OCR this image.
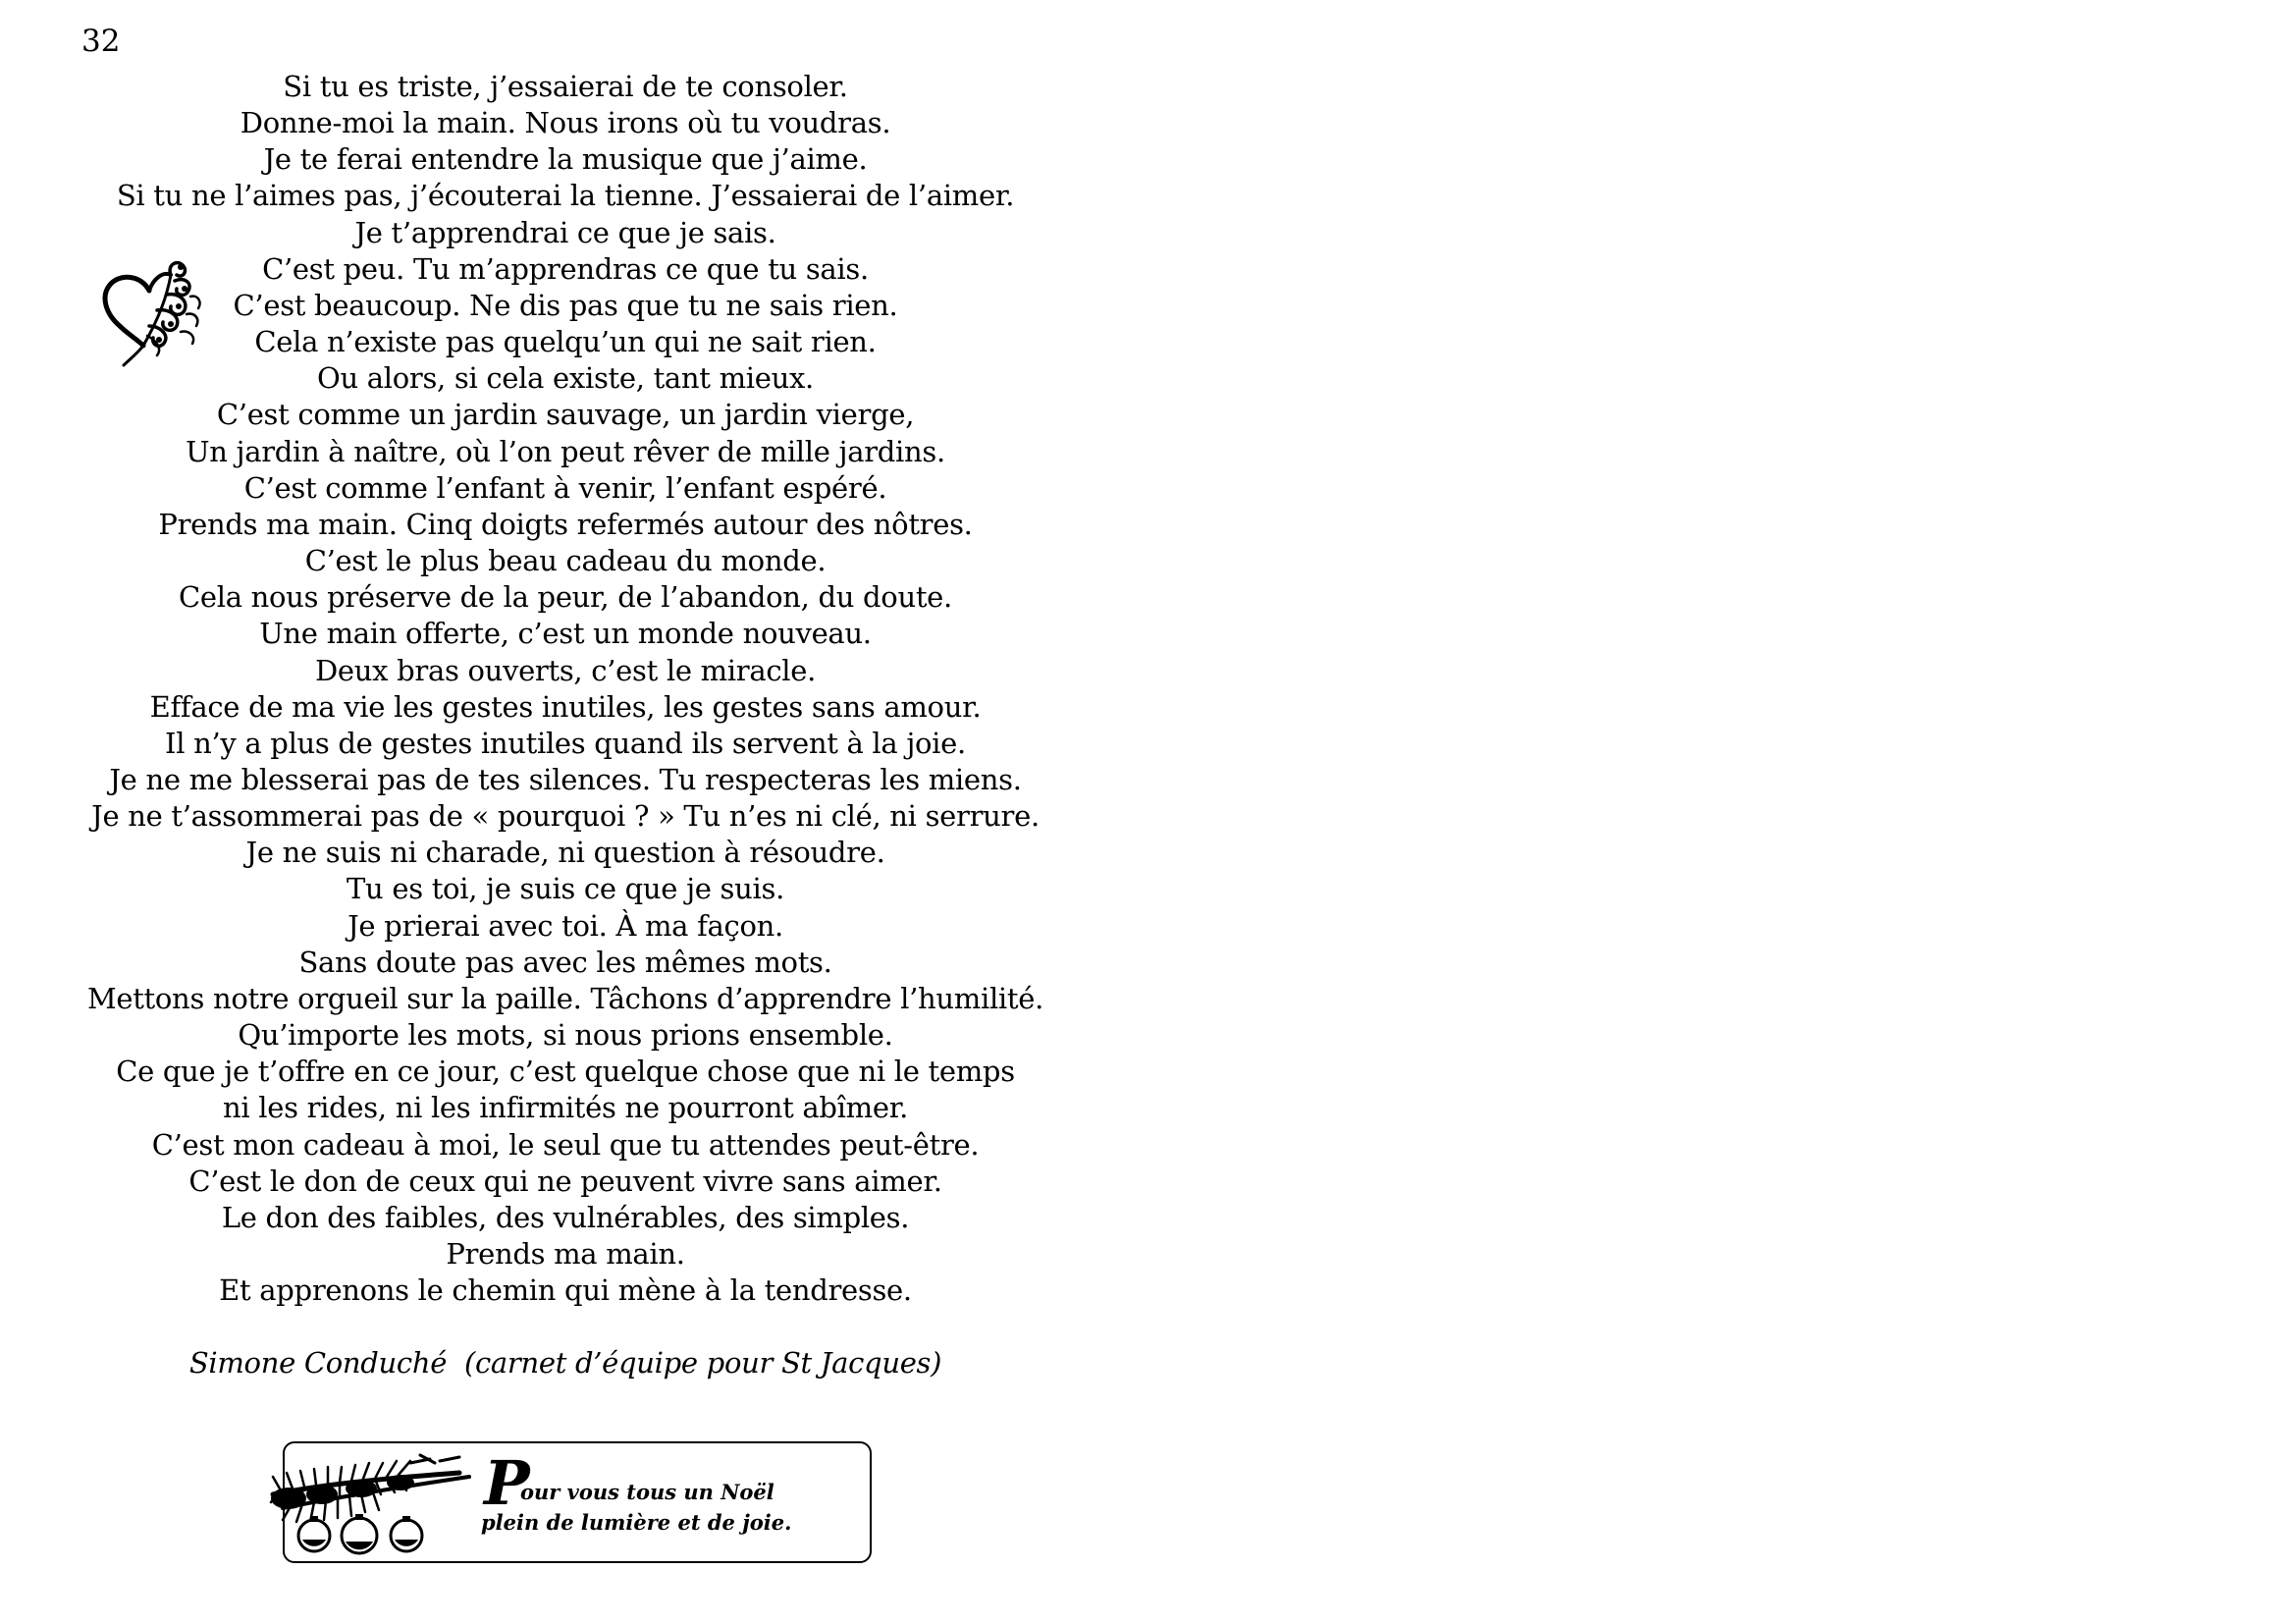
32
Si tu es triste, j’essaierai de te consoler.
Donne-moi la main. Nous irons où tu voudras.
Je te ferai entendre la musique que j’aime.
Si tu ne l’aimes pas, j’écouterai la tienne. J’essaierai de l’aimer.
Je t’apprendrai ce que je sais.
C’est peu. Tu m’apprendras ce que tu sais.
C’est beaucoup. Ne dis pas que tu ne sais rien.
Cela n’existe pas quelqu’un qui ne sait rien.
Ou alors, si cela existe, tant mieux.
C’est comme un jardin sauvage, un jardin vierge,
Un jardin à naître, où l’on peut rêver de mille jardins.
C’est comme l’enfant à venir, l’enfant espéré.
Prends ma main. Cinq doigts refermés autour des nôtres.
C’est le plus beau cadeau du monde.
Cela nous préserve de la peur, de l’abandon, du doute.
Une main offerte, c’est un monde nouveau.
Deux bras ouverts, c’est le miracle.
Efface de ma vie les gestes inutiles, les gestes sans amour.
Il n’y a plus de gestes inutiles quand ils servent à la joie.
Je ne me blesserai pas de tes silences. Tu respecteras les miens.
Je ne t’assommerai pas de « pourquoi ? » Tu n’es ni clé, ni serrure.
Je ne suis ni charade, ni question à résoudre.
Tu es toi, je suis ce que je suis.
Je prierai avec toi. À ma façon.
Sans doute pas avec les mêmes mots.
Mettons notre orgueil sur la paille. Tâchons d’apprendre l’humilité.
Qu’importe les mots, si nous prions ensemble.
Ce que je t’offre en ce jour, c’est quelque chose que ni le temps
ni les rides, ni les infirmités ne pourront abîmer.
C’est mon cadeau à moi, le seul que tu attendes peut-être.
C’est le don de ceux qui ne peuvent vivre sans aimer.
Le don des faibles, des vulnérables, des simples.
Prends ma main.
Et apprenons le chemin qui mène à la tendresse.
Simone Conduché  (carnet d’équipe pour St Jacques)
P
our vous tous un Noël
plein de lumière et de joie.
